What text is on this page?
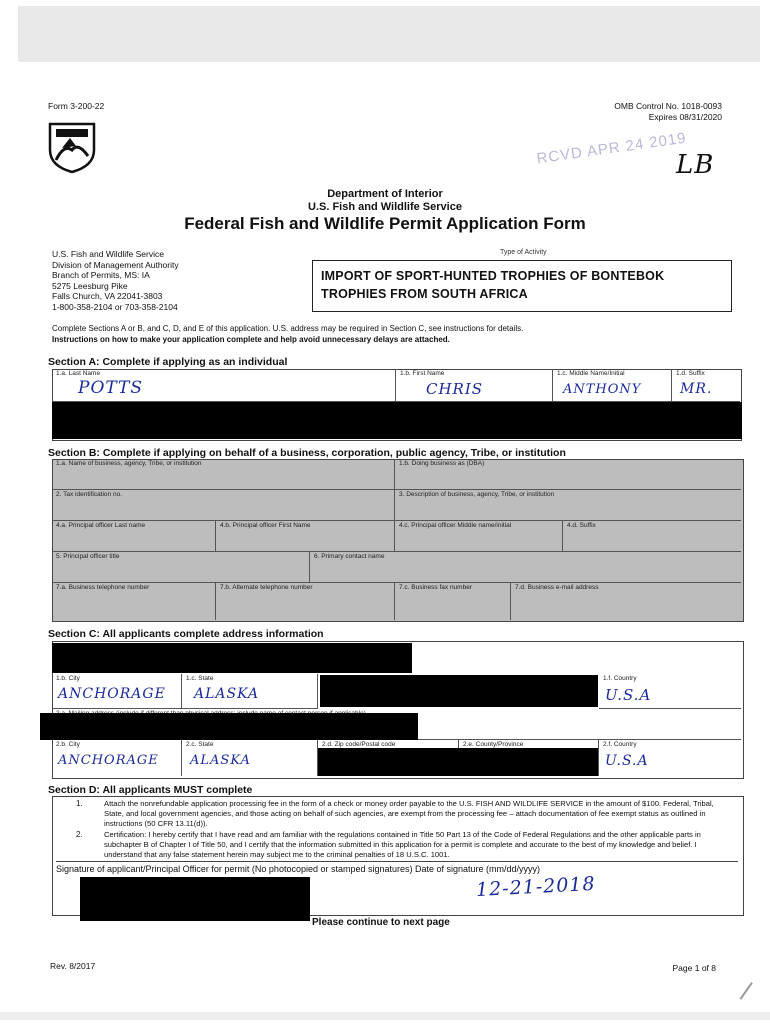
Form 3-200-22	OMB Control No. 1018-0093
Expires 08/31/2020
RCVD APR 24 2019
LB
Department of Interior
U.S. Fish and Wildlife Service
Federal Fish and Wildlife Permit Application Form
U.S. Fish and Wildlife Service
Division of Management Authority
Branch of Permits, MS: IA
5275 Leesburg Pike
Falls Church, VA 22041-3803
1-800-358-2104 or 703-358-2104
Type of Activity
IMPORT OF SPORT-HUNTED TROPHIES OF BONTEBOK
TROPHIES FROM SOUTH AFRICA
Complete Sections A or B, and C, D, and E of this application. U.S. address may be required in Section C, see instructions for details.
Instructions on how to make your application complete and help avoid unnecessary delays are attached.
Section A: Complete if applying as an individual
1.a. Last Name
POTTS
1.b. First Name
CHRIS
1.c. Middle Name/Initial
ANTHONY
1.d. Suffix
MR.
Section B: Complete if applying on behalf of a business, corporation, public agency, Tribe, or institution
1.a. Name of business, agency, Tribe, or institution	1.b. Doing business as (DBA)
2. Tax identification no.	3. Description of business, agency, Tribe, or institution
4.a. Principal officer Last name	4.b. Principal officer First Name	4.c. Principal officer Middle name/initial	4.d. Suffix
5. Principal officer title	6. Primary contact name
7.a. Business telephone number	7.b. Alternate telephone number	7.c. Business fax number	7.d. Business e-mail address
Section C: All applicants complete address information
1.b. City
ANCHORAGE
1.c. State
ALASKA
1.f. Country
U.S.A
2.b. City
ANCHORAGE
2.c. State
ALASKA
2.d. Zip code/Postal code	2.e. County/Province	2.f. Country
U.S.A
Section D: All applicants MUST complete
1.	Attach the nonrefundable application processing fee in the form of a check or money order payable to the U.S. FISH AND WILDLIFE SERVICE in the amount of $100. Federal, Tribal, State, and local government agencies, and those acting on behalf of such agencies, are exempt from the processing fee – attach documentation of fee exempt status as outlined in instructions (50 CFR 13.11(d)).
2.	Certification: I hereby certify that I have read and am familiar with the regulations contained in Title 50 Part 13 of the Code of Federal Regulations and the other applicable parts in subchapter B of Chapter I of Title 50, and I certify that the information submitted in this application for a permit is complete and accurate to the best of my knowledge and belief. I understand that any false statement herein may subject me to the criminal penalties of 18 U.S.C. 1001.
Signature of applicant/Principal Officer for permit (No photocopied or stamped signatures) Date of signature (mm/dd/yyyy)
12-21-2018
Please continue to next page
Rev. 8/2017	Page 1 of 8
